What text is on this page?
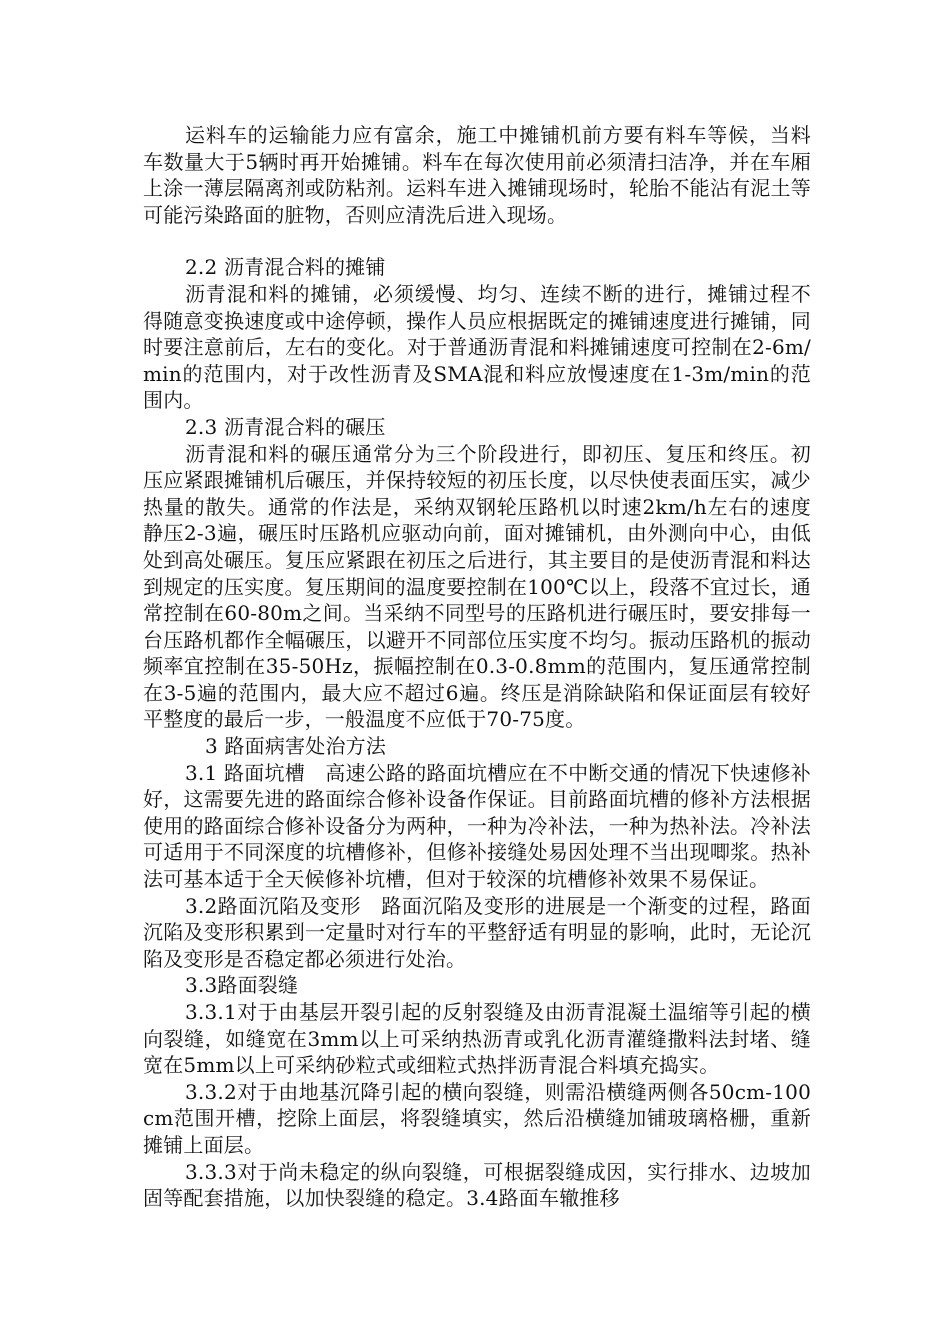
运料车的运输能力应有富余，施工中摊铺机前方要有料车等候，当料车数量大于5辆时再开始摊铺。料车在每次使用前必须清扫洁净，并在车厢上涂一薄层隔离剂或防粘剂。运料车进入摊铺现场时，轮胎不能沾有泥土等可能污染路面的脏物，否则应清洗后进入现场。

2.2 沥青混合料的摊铺

沥青混和料的摊铺，必须缓慢、均匀、连续不断的进行，摊铺过程不得随意变换速度或中途停顿，操作人员应根据既定的摊铺速度进行摊铺，同时要注意前后，左右的变化。对于普通沥青混和料摊铺速度可控制在2-6m/min的范围内，对于改性沥青及SMA混和料应放慢速度在1-3m/min的范围内。

2.3 沥青混合料的碾压

沥青混和料的碾压通常分为三个阶段进行，即初压、复压和终压。初压应紧跟摊铺机后碾压，并保持较短的初压长度，以尽快使表面压实，减少热量的散失。通常的作法是，采纳双钢轮压路机以时速2km/h左右的速度静压2-3遍，碾压时压路机应驱动向前，面对摊铺机，由外测向中心，由低处到高处碾压。复压应紧跟在初压之后进行，其主要目的是使沥青混和料达到规定的压实度。复压期间的温度要控制在100℃以上，段落不宜过长，通常控制在60-80m之间。当采纳不同型号的压路机进行碾压时，要安排每一台压路机都作全幅碾压，以避开不同部位压实度不均匀。振动压路机的振动频率宜控制在35-50Hz，振幅控制在0.3-0.8mm的范围内，复压通常控制在3-5遍的范围内，最大应不超过6遍。终压是消除缺陷和保证面层有较好平整度的最后一步，一般温度不应低于70-75度。

3 路面病害处治方法

3.1 路面坑槽　高速公路的路面坑槽应在不中断交通的情况下快速修补好，这需要先进的路面综合修补设备作保证。目前路面坑槽的修补方法根据使用的路面综合修补设备分为两种，一种为冷补法，一种为热补法。冷补法可适用于不同深度的坑槽修补，但修补接缝处易因处理不当出现唧浆。热补法可基本适于全天候修补坑槽，但对于较深的坑槽修补效果不易保证。

3.2路面沉陷及变形　路面沉陷及变形的进展是一个渐变的过程，路面沉陷及变形积累到一定量时对行车的平整舒适有明显的影响，此时，无论沉陷及变形是否稳定都必须进行处治。

3.3路面裂缝

3.3.1对于由基层开裂引起的反射裂缝及由沥青混凝土温缩等引起的横向裂缝，如缝宽在3mm以上可采纳热沥青或乳化沥青灌缝撒料法封堵、缝宽在5mm以上可采纳砂粒式或细粒式热拌沥青混合料填充捣实。

3.3.2对于由地基沉降引起的横向裂缝，则需沿横缝两侧各50cm-100cm范围开槽，挖除上面层，将裂缝填实，然后沿横缝加铺玻璃格栅，重新摊铺上面层。

3.3.3对于尚未稳定的纵向裂缝，可根据裂缝成因，实行排水、边坡加固等配套措施，以加快裂缝的稳定。3.4路面车辙推移
